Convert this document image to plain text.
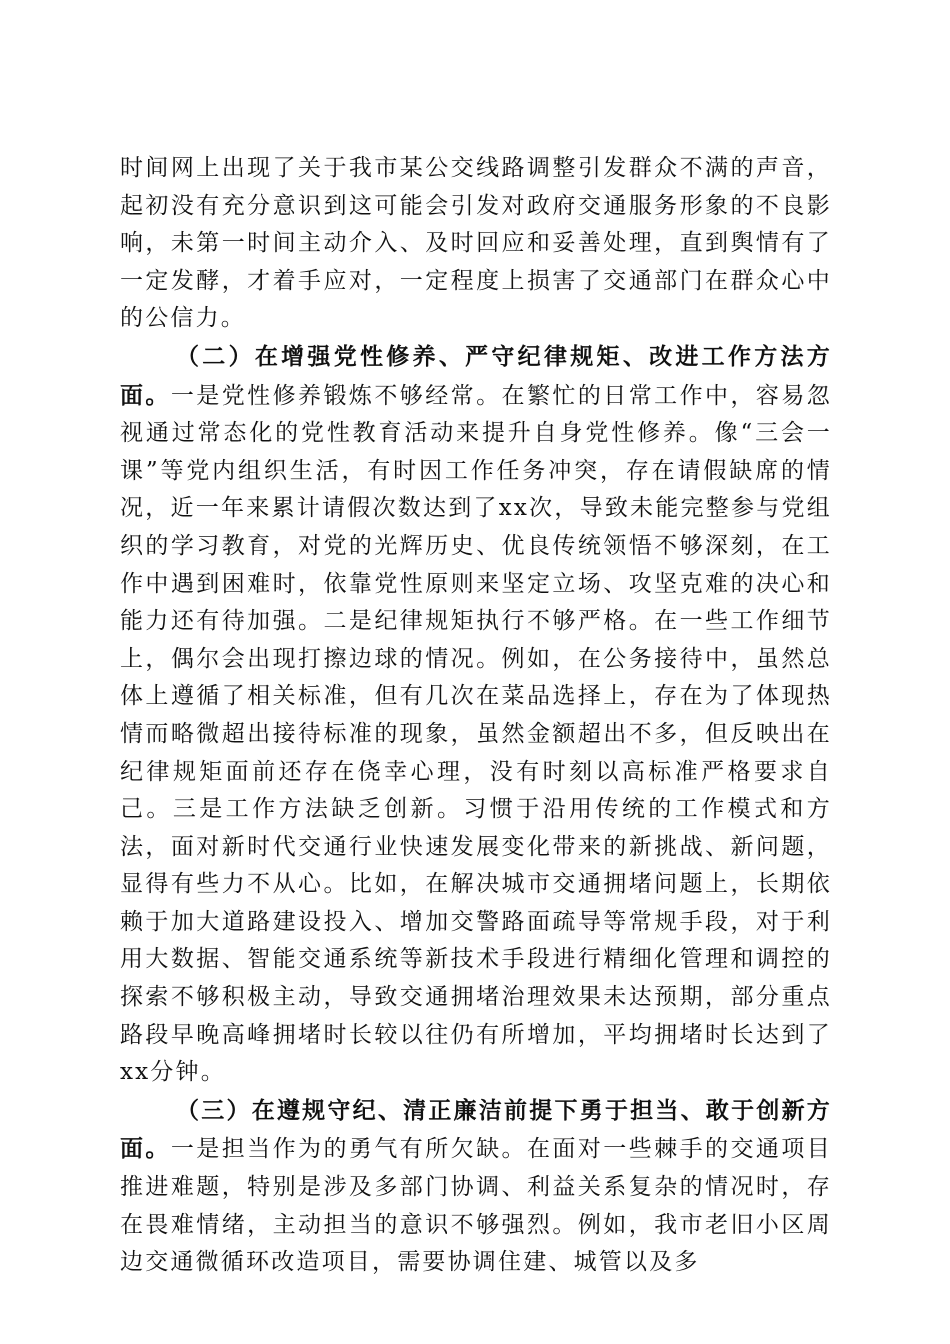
时间网上出现了关于我市某公交线路调整引发群众不满的声音，起初没有充分意识到这可能会引发对政府交通服务形象的不良影响，未第一时间主动介入、及时回应和妥善处理，直到舆情有了一定发酵，才着手应对，一定程度上损害了交通部门在群众心中的公信力。

（二）在增强党性修养、严守纪律规矩、改进工作方法方面。一是党性修养锻炼不够经常。在繁忙的日常工作中，容易忽视通过常态化的党性教育活动来提升自身党性修养。像“三会一课”等党内组织生活，有时因工作任务冲突，存在请假缺席的情况，近一年来累计请假次数达到了xx次，导致未能完整参与党组织的学习教育，对党的光辉历史、优良传统领悟不够深刻，在工作中遇到困难时，依靠党性原则来坚定立场、攻坚克难的决心和能力还有待加强。二是纪律规矩执行不够严格。在一些工作细节上，偶尔会出现打擦边球的情况。例如，在公务接待中，虽然总体上遵循了相关标准，但有几次在菜品选择上，存在为了体现热情而略微超出接待标准的现象，虽然金额超出不多，但反映出在纪律规矩面前还存在侥幸心理，没有时刻以高标准严格要求自己。三是工作方法缺乏创新。习惯于沿用传统的工作模式和方法，面对新时代交通行业快速发展变化带来的新挑战、新问题，显得有些力不从心。比如，在解决城市交通拥堵问题上，长期依赖于加大道路建设投入、增加交警路面疏导等常规手段，对于利用大数据、智能交通系统等新技术手段进行精细化管理和调控的探索不够积极主动，导致交通拥堵治理效果未达预期，部分重点路段早晚高峰拥堵时长较以往仍有所增加，平均拥堵时长达到了xx分钟。

（三）在遵规守纪、清正廉洁前提下勇于担当、敢于创新方面。一是担当作为的勇气有所欠缺。在面对一些棘手的交通项目推进难题，特别是涉及多部门协调、利益关系复杂的情况时，存在畏难情绪，主动担当的意识不够强烈。例如，我市老旧小区周边交通微循环改造项目，需要协调住建、城管以及多
